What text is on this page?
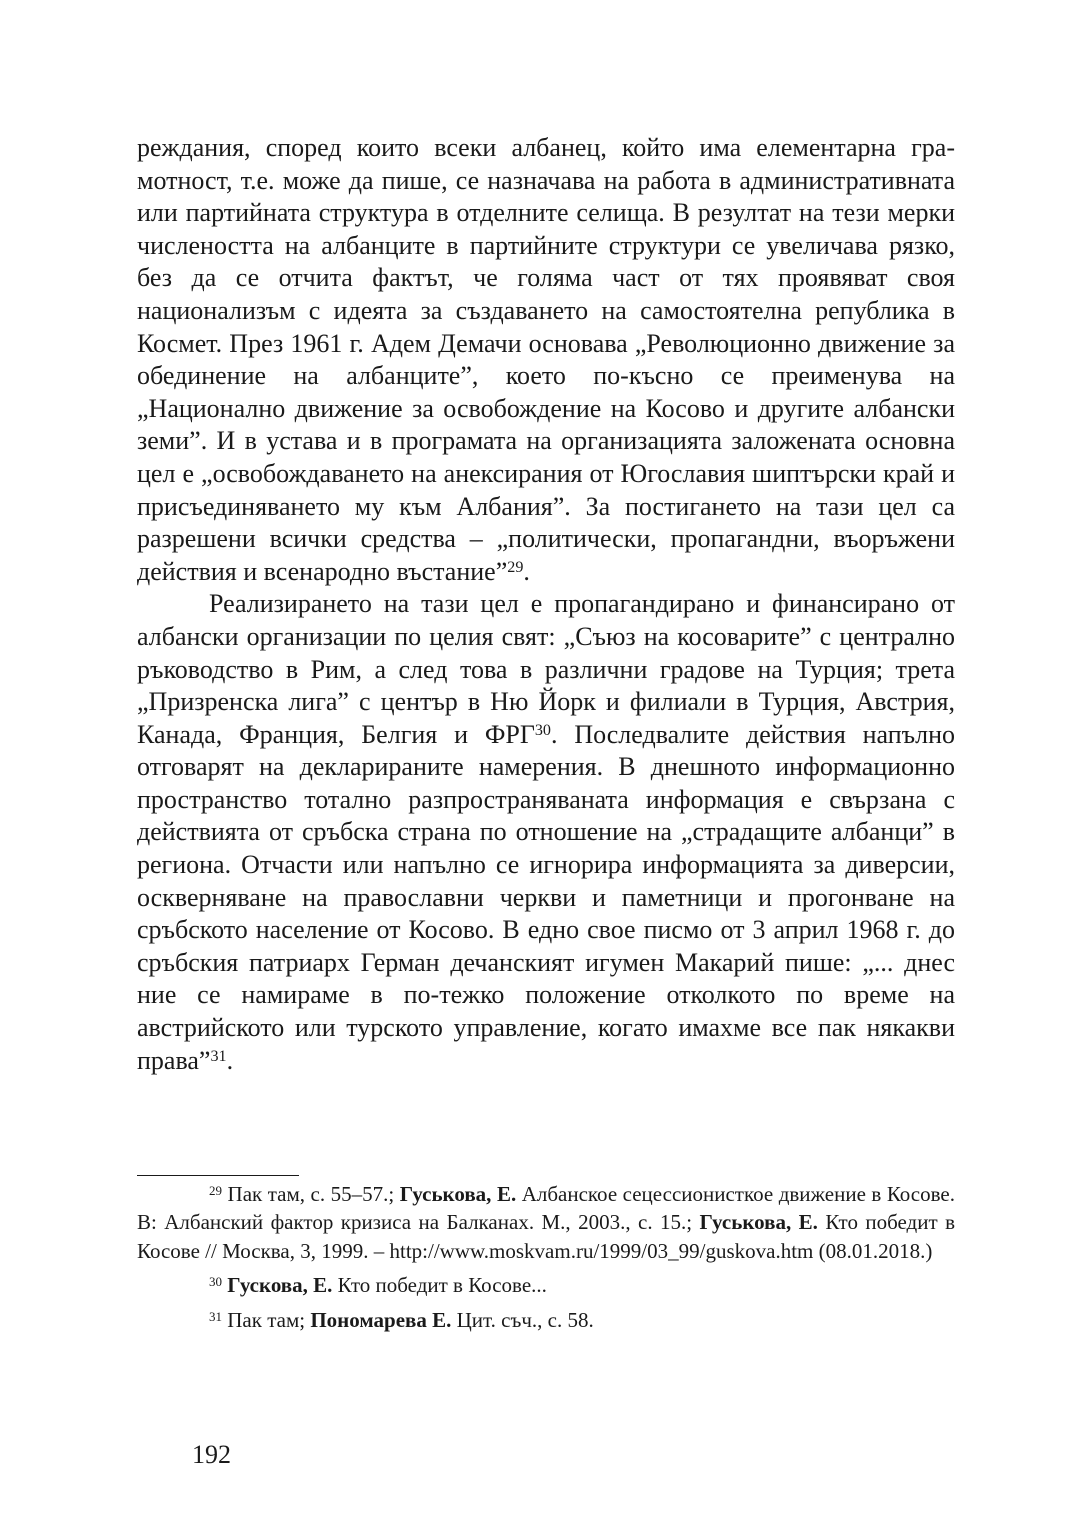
реждания, според които всеки албанец, който има елементарна грамотност, т.е. може да пише, се назначава на работа в административната или партийната структура в отделните селища. В резултат на тези мерки числеността на албанците в партийните структури се увеличава рязко, без да се отчита фактът, че голяма част от тях проявяват своя национализъм с идеята за създаването на самостоятелна република в Космет. През 1961 г. Адем Демачи основава „Революционно движение за обединение на албанците”, което по-късно се преименува на „Национално движение за освобождение на Косово и другите албански земи”. И в устава и в програмата на организацията заложената основна цел е „освобождаването на анексирания от Югославия шиптърски край и присъединяването му към Албания”. За постигането на тази цел са разрешени всички средства – „политически, пропагандни, въоръжени действия и всенародно въстание”$^{29}$.

Реализирането на тази цел е пропагандирано и финансирано от албански организации по целия свят: „Съюз на косоварите” с централно ръководство в Рим, а след това в различни градове на Турция; трета „Призренска лига” с център в Ню Йорк и филиали в Турция, Австрия, Канада, Франция, Белгия и ФРГ$^{30}$. Последвалите действия напълно отговарят на декларираните намерения. В днешното информационно пространство тотално разпространяваната информация е свързана с действията от сръбска страна по отношение на „страдащите албанци” в региона. Отчасти или напълно се игнорира информацията за диверсии, оскверняване на православни черкви и паметници и прогонване на сръбското население от Косово. В едно свое писмо от 3 април 1968 г. до сръбския патриарх Герман дечанският игумен Макарий пише: „... днес ние се намираме в по-тежко положение отколкото по време на австрийското или турското управление, когато имахме все пак някакви права”$^{31}$.

$^{29}$ Пак там, с. 55–57.; Гуськова, Е. Албанское сецессионисткое движение в Косове. В: Албанский фактор кризиса на Балканах. М., 2003., с. 15.; Гуськова, Е. Кто победит в Косове // Москва, 3, 1999. – http://www.moskvam.ru/1999/03_99/guskova.htm (08.01.2018.)

$^{30}$ Гускова, Е. Кто победит в Косове...

$^{31}$ Пак там; Пономарева Е. Цит. съч., с. 58.

192
